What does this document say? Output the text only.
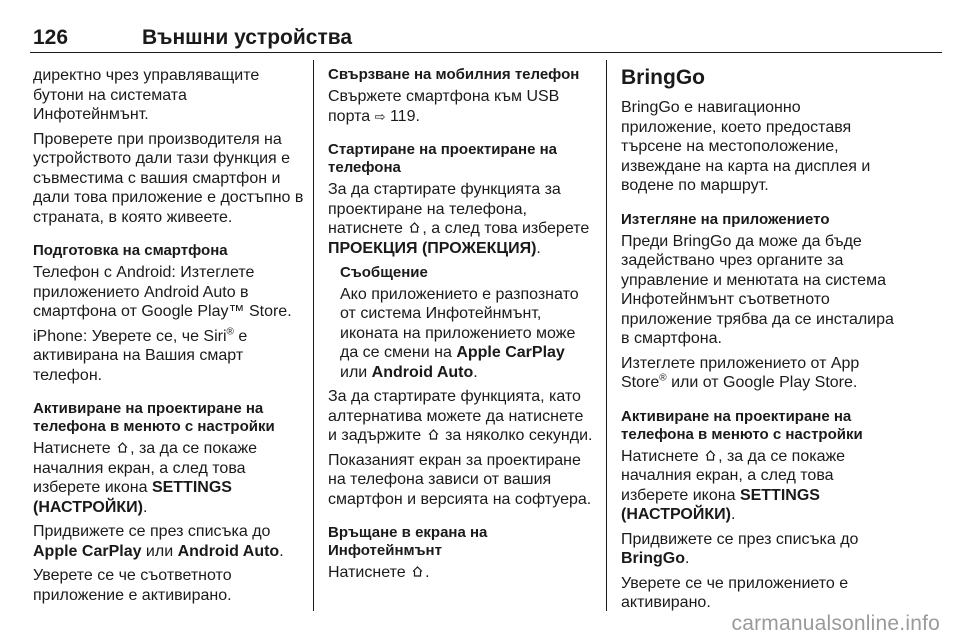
126	Външни устройства

директно чрез управляващите бутони на системата Инфотейнмънт.

Проверете при производителя на устройството дали тази функция е съвместима с вашия смартфон и дали това приложение е достъпно в страната, в която живеете.

Подготовка на смартфона

Телефон с Android: Изтеглете приложението Android Auto в смартфона от Google Play™ Store.

iPhone: Уверете се, че Siri® е активирана на Вашия смарт телефон.

Активиране на проектиране на телефона в менюто с настройки

Натиснете
, за да се покаже началния екран, а след това изберете икона SETTINGS (НАСТРОЙКИ).

Придвижете се през списъка до Apple CarPlay или Android Auto.

Уверете се че съответното приложение е активирано.

Свързване на мобилния телефон

Свържете смартфона към USB порта ⇨ 119.

Стартиране на проектиране на телефона

За да стартирате функцията за проектиране на телефона, натиснете
, а след това изберете ПРОЕКЦИЯ (ПРОЖЕКЦИЯ).

Съобщение

Ако приложението е разпознато от система Инфотейнмънт, иконата на приложението може да се смени на Apple CarPlay или Android Auto.

За да стартирате функцията, като алтернатива можете да натиснете и задържите
за няколко секунди.

Показаният екран за проектиране на телефона зависи от вашия смартфон и версията на софтуера.

Връщане в екрана на Инфотейнмънт

Натиснете
.

BringGo

BringGo е навигационно приложение, което предоставя търсене на местоположение, извеждане на карта на дисплея и водене по маршрут.

Изтегляне на приложението

Преди BringGo да може да бъде задействано чрез органите за управление и менютата на система Инфотейнмънт съответното приложение трябва да се инсталира в смартфона.

Изтеглете приложението от App Store® или от Google Play Store.

Активиране на проектиране на телефона в менюто с настройки

Натиснете
, за да се покаже началния екран, а след това изберете икона SETTINGS (НАСТРОЙКИ).

Придвижете се през списъка до BringGo.

Уверете се че приложението е активирано.

carmanualsonline.info
